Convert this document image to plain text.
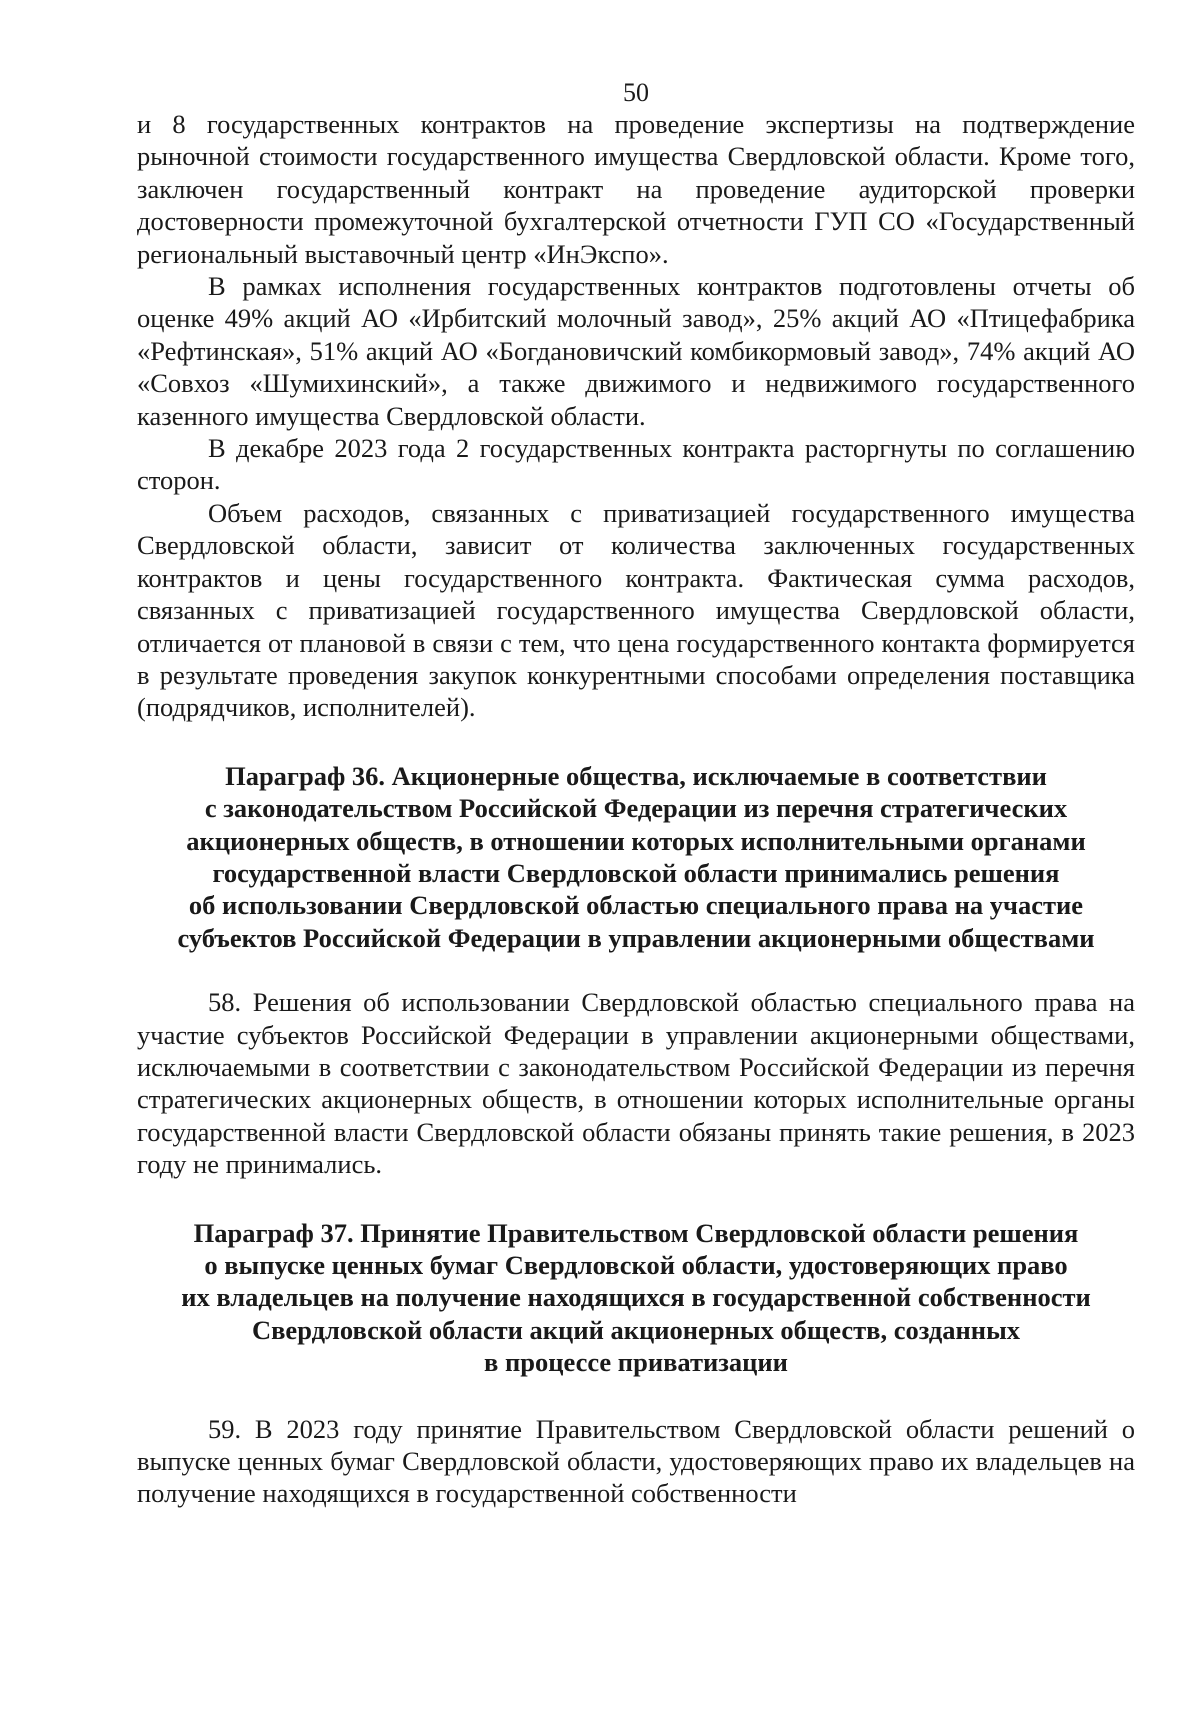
50

и 8 государственных контрактов на проведение экспертизы на подтверждение рыночной стоимости государственного имущества Свердловской области. Кроме того, заключен государственный контракт на проведение аудиторской проверки достоверности промежуточной бухгалтерской отчетности ГУП СО «Государственный региональный выставочный центр «ИнЭкспо».

В рамках исполнения государственных контрактов подготовлены отчеты об оценке 49% акций АО «Ирбитский молочный завод», 25% акций АО «Птицефабрика «Рефтинская», 51% акций АО «Богдановичский комбикормовый завод», 74% акций АО «Совхоз «Шумихинский», а также движимого и недвижимого государственного казенного имущества Свердловской области.

В декабре 2023 года 2 государственных контракта расторгнуты по соглашению сторон.

Объем расходов, связанных с приватизацией государственного имущества Свердловской области, зависит от количества заключенных государственных контрактов и цены государственного контракта. Фактическая сумма расходов, связанных с приватизацией государственного имущества Свердловской области, отличается от плановой в связи с тем, что цена государственного контакта формируется в результате проведения закупок конкурентными способами определения поставщика (подрядчиков, исполнителей).

Параграф 36. Акционерные общества, исключаемые в соответствии
с законодательством Российской Федерации из перечня стратегических
акционерных обществ, в отношении которых исполнительными органами
государственной власти Свердловской области принимались решения
об использовании Свердловской областью специального права на участие
субъектов Российской Федерации в управлении акционерными обществами

58. Решения об использовании Свердловской областью специального права на участие субъектов Российской Федерации в управлении акционерными обществами, исключаемыми в соответствии с законодательством Российской Федерации из перечня стратегических акционерных обществ, в отношении которых исполнительные органы государственной власти Свердловской области обязаны принять такие решения, в 2023 году не принимались.

Параграф 37. Принятие Правительством Свердловской области решения
о выпуске ценных бумаг Свердловской области, удостоверяющих право
их владельцев на получение находящихся в государственной собственности
Свердловской области акций акционерных обществ, созданных
в процессе приватизации

59. В 2023 году принятие Правительством Свердловской области решений о выпуске ценных бумаг Свердловской области, удостоверяющих право их владельцев на получение находящихся в государственной собственности
